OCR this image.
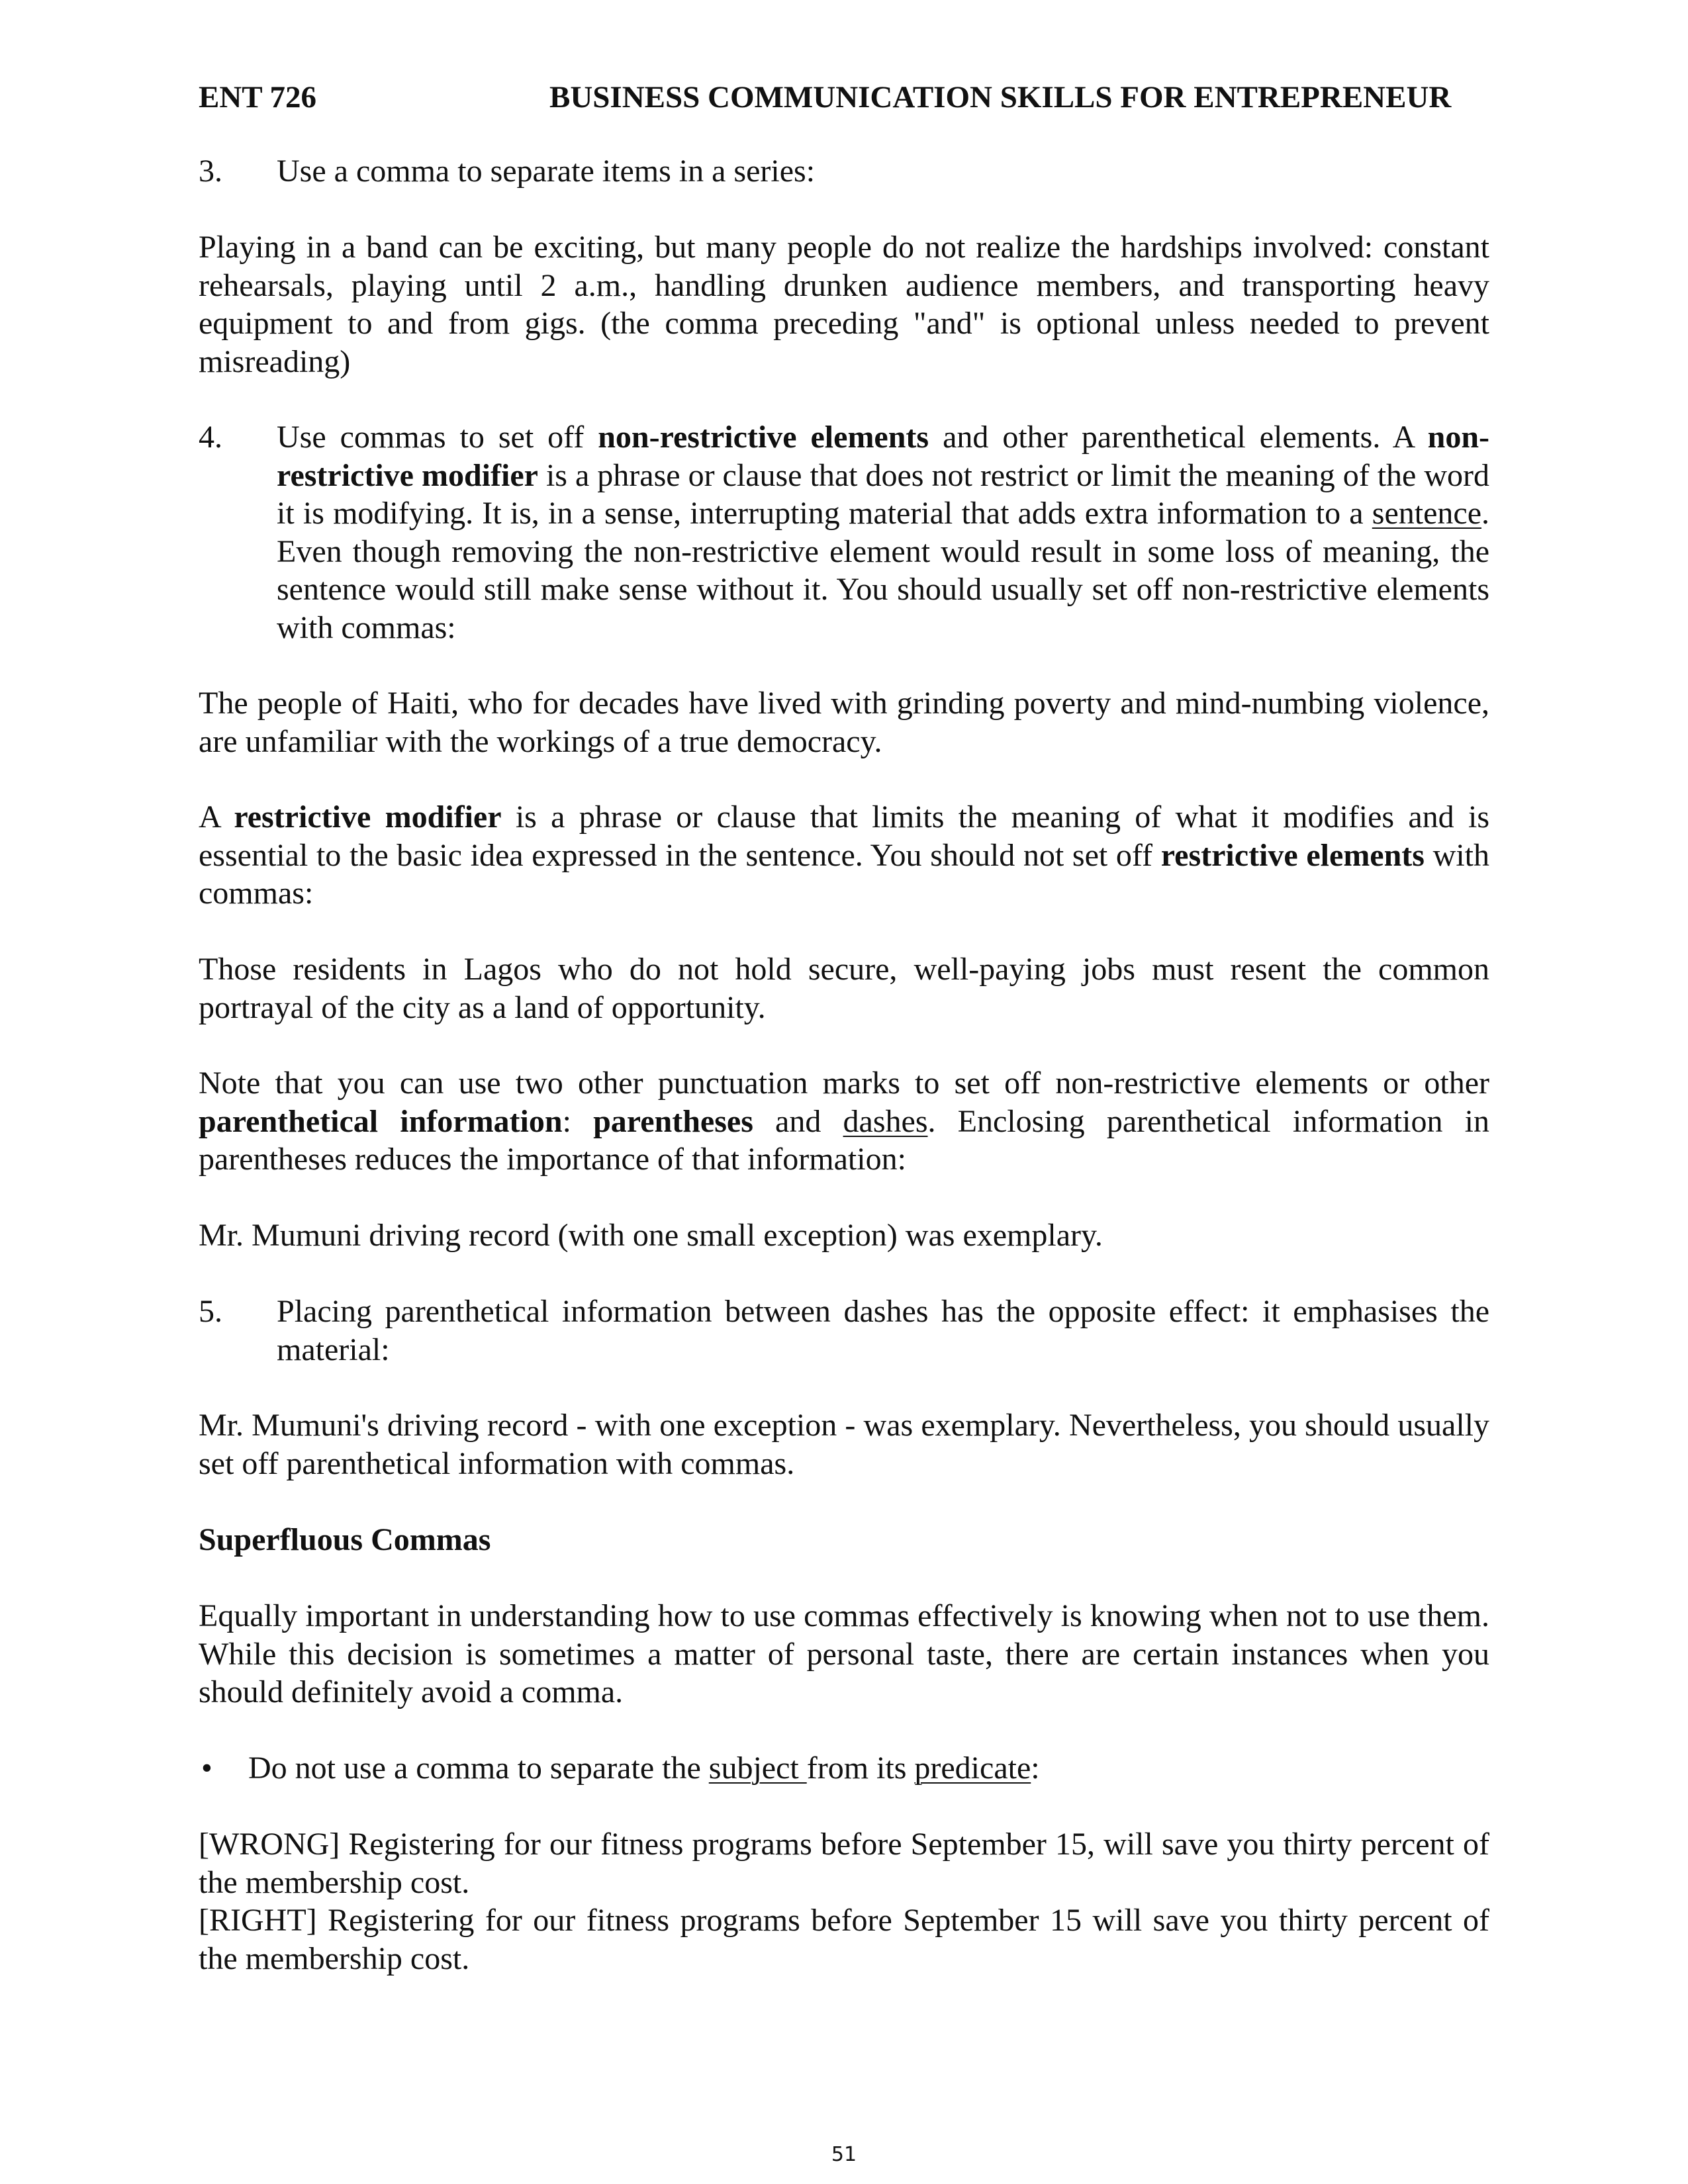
ENT 726	BUSINESS COMMUNICATION SKILLS FOR ENTREPRENEUR
3. Use a comma to separate items in a series:
Playing in a band can be exciting, but many people do not realize the hardships involved: constant rehearsals, playing until 2 a.m., handling drunken audience members, and transporting heavy equipment to and from gigs. (the comma preceding "and" is optional unless needed to prevent misreading)
4. Use commas to set off non-restrictive elements and other parenthetical elements. A non-restrictive modifier is a phrase or clause that does not restrict or limit the meaning of the word it is modifying. It is, in a sense, interrupting material that adds extra information to a sentence. Even though removing the non-restrictive element would result in some loss of meaning, the sentence would still make sense without it. You should usually set off non-restrictive elements with commas:
The people of Haiti, who for decades have lived with grinding poverty and mind-numbing violence, are unfamiliar with the workings of a true democracy.
A restrictive modifier is a phrase or clause that limits the meaning of what it modifies and is essential to the basic idea expressed in the sentence. You should not set off restrictive elements with commas:
Those residents in Lagos who do not hold secure, well-paying jobs must resent the common portrayal of the city as a land of opportunity.
Note that you can use two other punctuation marks to set off non-restrictive elements or other parenthetical information: parentheses and dashes. Enclosing parenthetical information in parentheses reduces the importance of that information:
Mr. Mumuni driving record (with one small exception) was exemplary.
5. Placing parenthetical information between dashes has the opposite effect: it emphasises the material:
Mr. Mumuni's driving record - with one exception - was exemplary. Nevertheless, you should usually set off parenthetical information with commas.
Superfluous Commas
Equally important in understanding how to use commas effectively is knowing when not to use them. While this decision is sometimes a matter of personal taste, there are certain instances when you should definitely avoid a comma.
• Do not use a comma to separate the subject from its predicate:
[WRONG] Registering for our fitness programs before September 15, will save you thirty percent of the membership cost.
[RIGHT] Registering for our fitness programs before September 15 will save you thirty percent of the membership cost.
51
